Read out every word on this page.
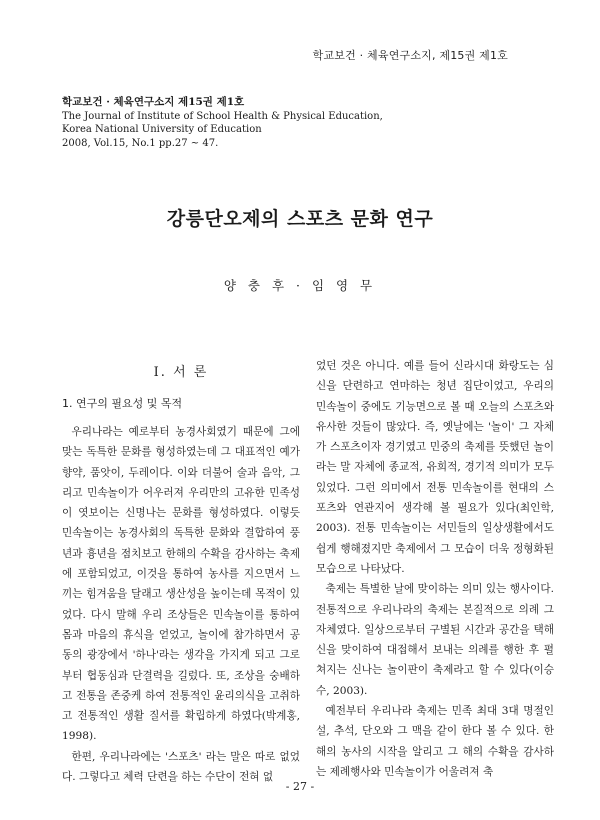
학교보건 · 체육연구소지, 제15권 제1호
학교보건 · 체육연구소지 제15권 제1호
The Journal of Institute of School Health & Physical Education,
Korea National University of Education
2008, Vol.15, No.1 pp.27 ~ 47.
강릉단오제의 스포츠 문화 연구
양 충 후 · 임 영 무
Ⅰ. 서 론
1. 연구의 필요성 및 목적

우리나라는 예로부터 농경사회였기 때문에 그에 맞는 독특한 문화를 형성하였는데 그 대표적인 예가 향약, 품앗이, 두레이다. 이와 더불어 술과 음악, 그리고 민속놀이가 어우러져 우리만의 고유한 민족성이 엿보이는 신명나는 문화를 형성하였다. 이렇듯 민속놀이는 농경사회의 독특한 문화와 결합하여 풍년과 흉년을 점치보고 한해의 수확을 감사하는 축제에 포함되었고, 이것을 통하여 농사를 지으면서 느끼는 힘겨움을 달래고 생산성을 높이는데 목적이 있었다. 다시 말해 우리 조상들은 민속놀이를 통하여 몸과 마음의 휴식을 얻었고, 놀이에 참가하면서 공동의 광장에서 '하나'라는 생각을 가지게 되고 그로부터 협동심과 단결력을 길렀다. 또, 조상을 숭배하고 전통을 존중케 하여 전통적인 윤리의식을 고취하고 전통적인 생활 질서를 확립하게 하였다(박계홍, 1998).

한편, 우리나라에는 '스포츠' 라는 말은 따로 없었다. 그렇다고 체력 단련을 하는 수단이 전혀 없

었던 것은 아니다. 예를 들어 신라시대 화랑도는 심신을 단련하고 연마하는 청년 집단이었고, 우리의 민속놀이 중에도 기능면으로 볼 때 오늘의 스포츠와 유사한 것들이 많았다. 즉, 옛날에는 '놀이' 그 자체가 스포츠이자 경기였고 민중의 축제를 뜻했던 놀이라는 말 자체에 종교적, 유희적, 경기적 의미가 모두 있었다. 그런 의미에서 전통 민속놀이를 현대의 스포츠와 연관지어 생각해 볼 필요가 있다(최인학, 2003). 전통 민속놀이는 서민들의 일상생활에서도 쉽게 행해졌지만 축제에서 그 모습이 더욱 정형화된 모습으로 나타났다.

축제는 특별한 날에 맞이하는 의미 있는 행사이다. 전통적으로 우리나라의 축제는 본질적으로 의례 그 자체였다. 일상으로부터 구별된 시간과 공간을 택해 신을 맞이하여 대접해서 보내는 의례를 행한 후 펼쳐지는 신나는 놀이판이 축제라고 할 수 있다(이승수, 2003).

예전부터 우리나라 축제는 민족 최대 3대 명절인 설, 추석, 단오와 그 맥을 같이 한다 볼 수 있다. 한 해의 농사의 시작을 알리고 그 해의 수확을 감사하는 제례행사와 민속놀이가 어울려져 축

- 27 -
